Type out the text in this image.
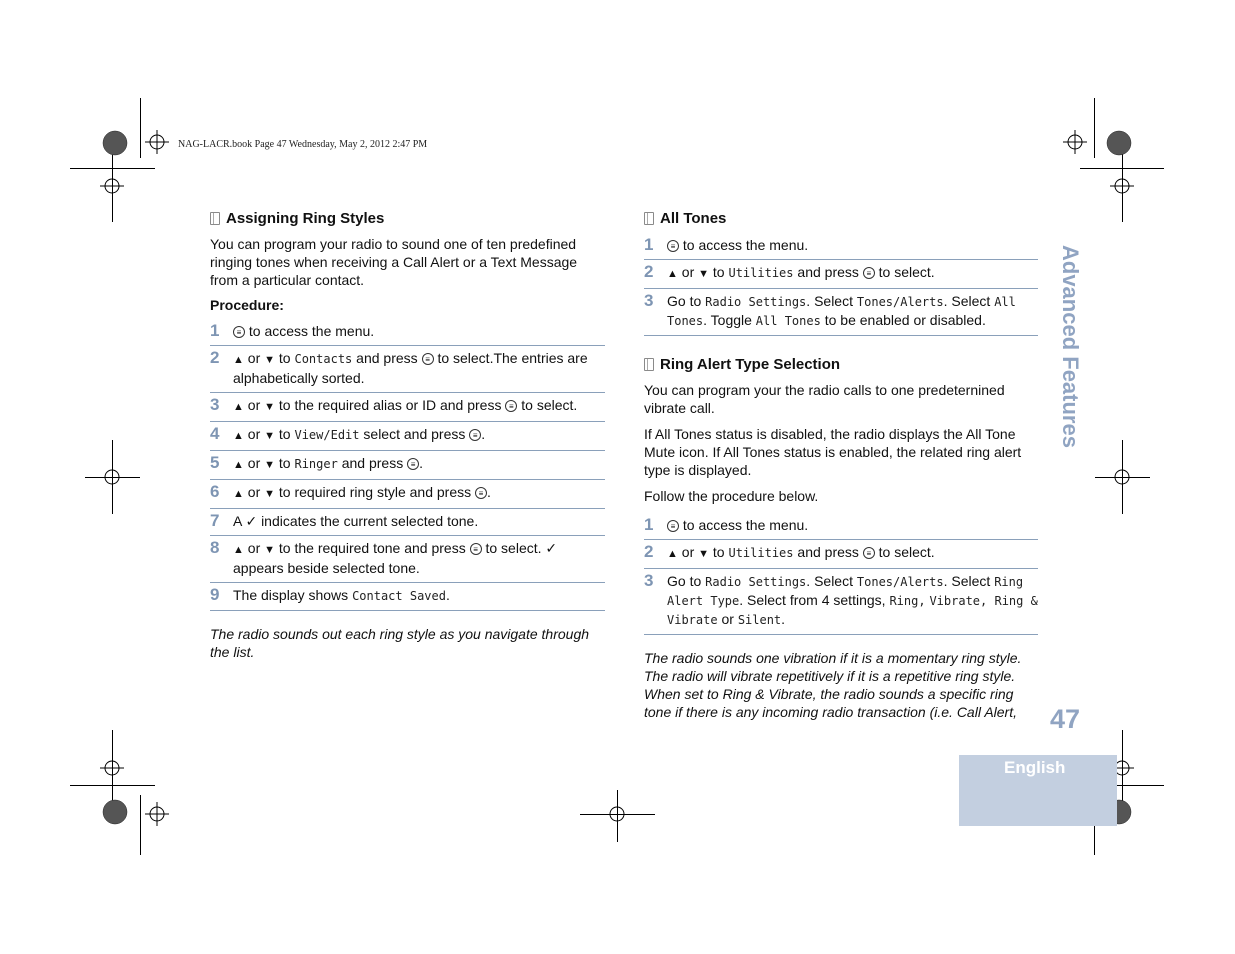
NAG-LACR.book Page 47 Wednesday, May 2, 2012 2:47 PM
Assigning Ring Styles

You can program your radio to sound one of ten predefined ringing tones when receiving a Call Alert or a Text Message from a particular contact.

Procedure:
1	≡ to access the menu.
2 ▲	or ▼ to Contacts and press ≡ to select.The entries are alphabetically sorted.
3 ▲	or ▼ to the required alias or ID and press ≡ to select.
4 ▲	or ▼ to View/Edit select and press ≡ .
5 ▲	or ▼ to Ringer and press ≡ .
6 ▲	or ▼ to required ring style and press ≡ .
7 A ✓ indicates the current selected tone.
8 ▲	or ▼ to the required tone and press ≡ to select. ✓ appears beside selected tone.
9 The display shows Contact Saved.

The radio sounds out each ring style as you navigate through the list.

All Tones
1	≡ to access the menu.
2 ▲	or ▼ to Utilities and press ≡ to select.
3 Go to Radio Settings. Select Tones/Alerts. Select All Tones. Toggle All Tones to be enabled or disabled.
Ring Alert Type Selection

You can program your the radio calls to one predeternined vibrate call.

If All Tones status is disabled, the radio displays the All Tone Mute icon. If All Tones status is enabled, the related ring alert type is displayed.

Follow the procedure below.

1	≡ to access the menu.
2 ▲	or ▼ to Utilities and press ≡ to select.
3 Go to Radio Settings. Select Tones/Alerts. Select Ring Alert Type. Select from 4 settings, Ring, Vibrate, Ring & Vibrate or Silent.

The radio sounds one vibration if it is a momentary ring style. The radio will vibrate repetitively if it is a repetitive ring style. When set to Ring & Vibrate, the radio sounds a specific ring tone if there is any incoming radio transaction (i.e. Call Alert,

Advanced Features
47
English
